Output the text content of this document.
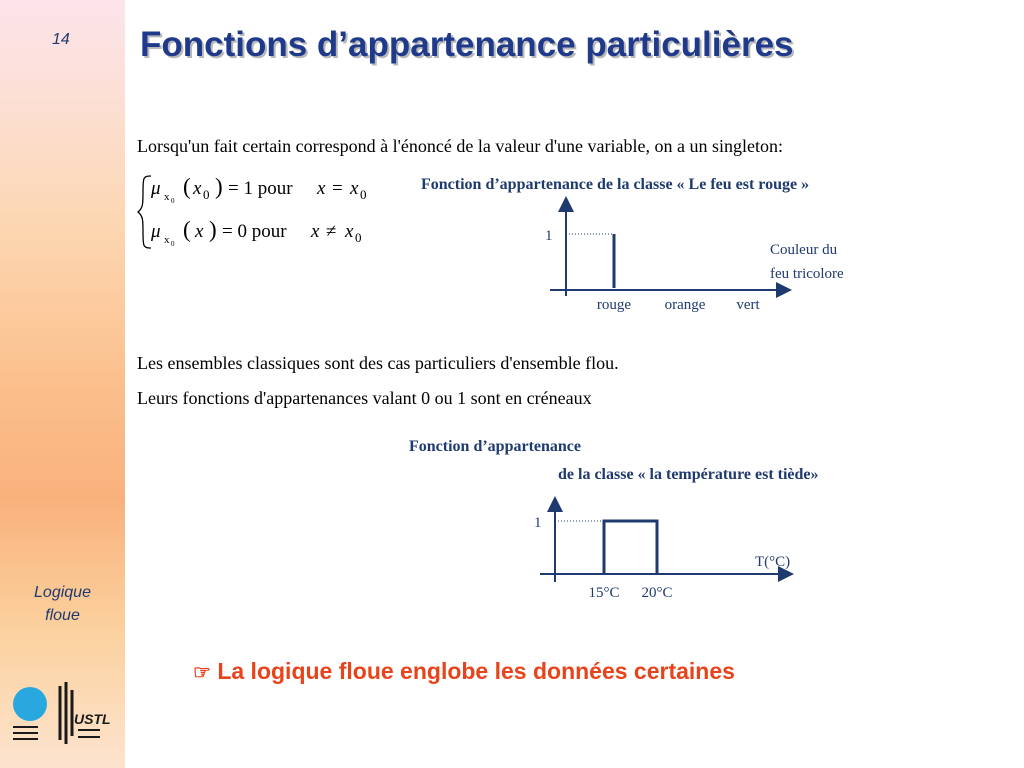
14
Logique
floue
USTL
Fonctions d’appartenance particulières
Lorsqu'un fait certain correspond à l'énoncé de la valeur d'une variable, on a un singleton:
μ x 0
( x 0 ) = 1 pour x = x 0
μ x 0
( x ) = 0 pour x ≠ x 0
Fonction d’appartenance de la classe « Le feu est rouge »
1
rouge orange vert
Couleur du
feu tricolore
Les ensembles classiques sont des cas particuliers d'ensemble flou.
Leurs fonctions d'appartenances valant 0 ou 1 sont en créneaux
Fonction d’appartenance
de la classe « la température est tiède»
1
15°C 20°C
T(°C)
☞ La logique floue englobe les données certaines
